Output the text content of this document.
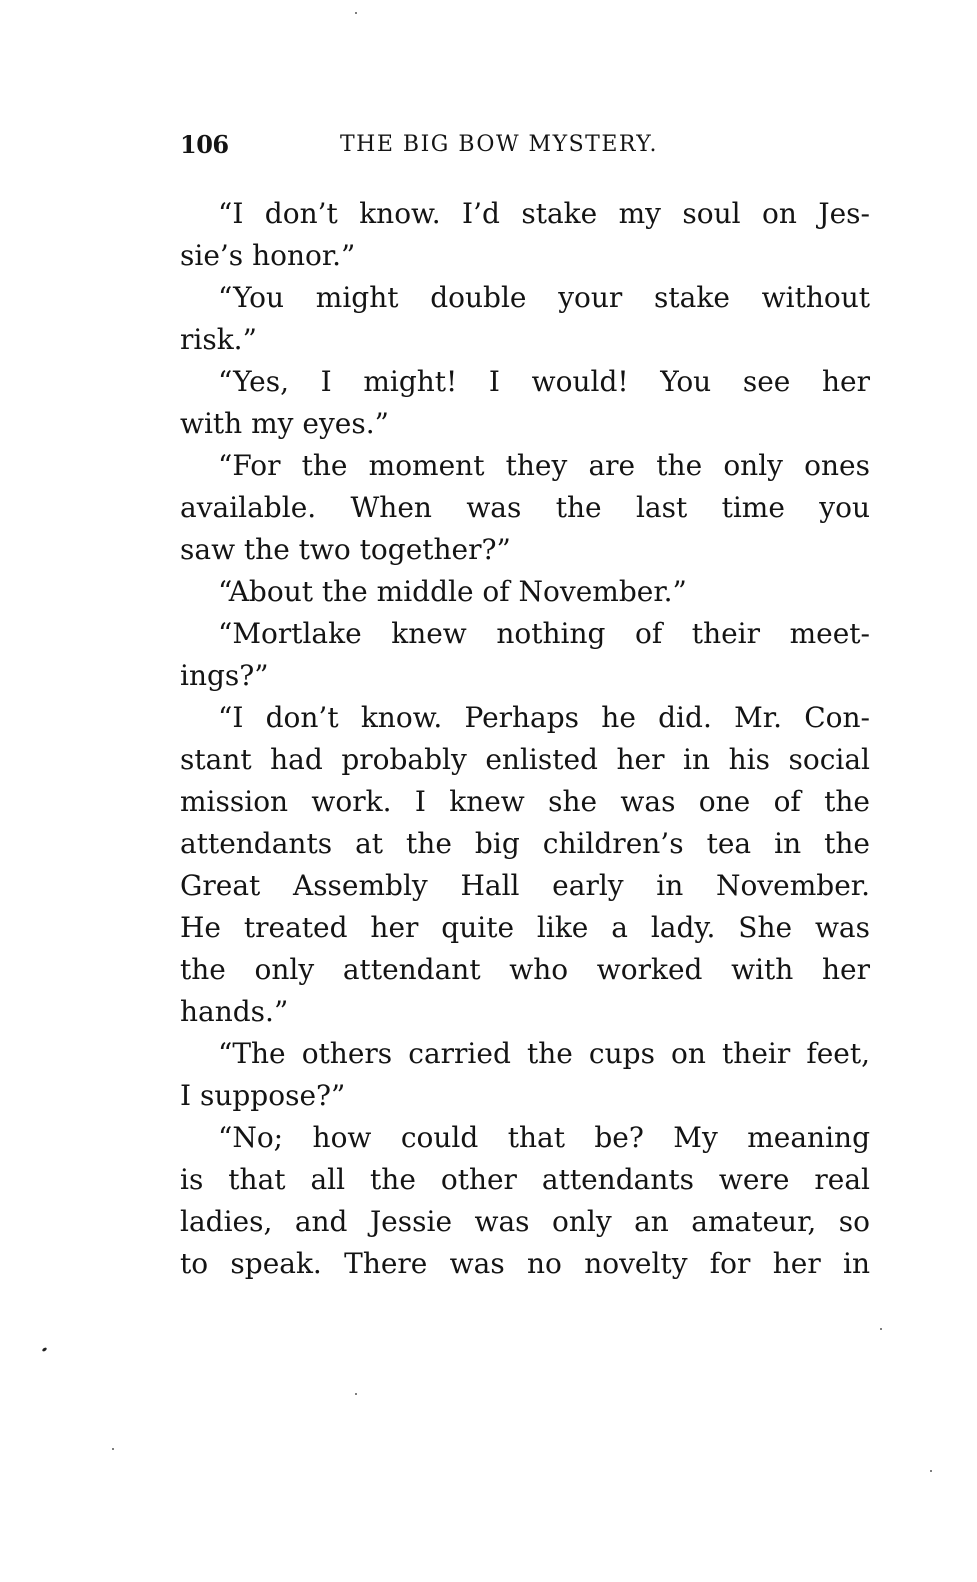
106	THE BIG BOW MYSTERY.
“I don’t know. I’d stake my soul on Jes-
sie’s honor.”
“You might double your stake without
risk.”
“Yes, I might! I would! You see her
with my eyes.”
“For the moment they are the only ones
available. When was the last time you
saw the two together?”
“About the middle of November.”
“Mortlake knew nothing of their meet-
ings?”
“I don’t know. Perhaps he did. Mr. Con-
stant had probably enlisted her in his social
mission work. I knew she was one of the
attendants at the big children’s tea in the
Great Assembly Hall early in November.
He treated her quite like a lady. She was
the only attendant who worked with her
hands.”
“The others carried the cups on their feet,
I suppose?”
“No; how could that be? My meaning
is that all the other attendants were real
ladies, and Jessie was only an amateur, so
to speak. There was no novelty for her in
